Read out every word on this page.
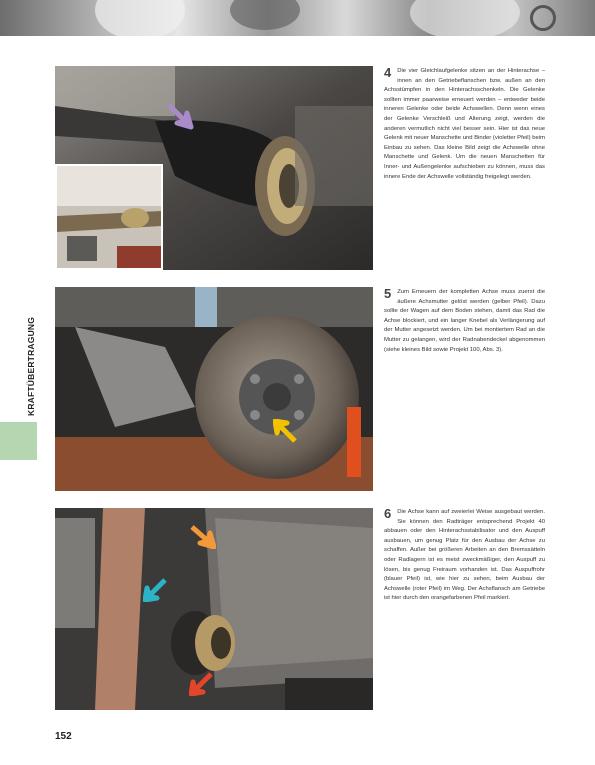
KRAFTÜBERTRAGUNG
4 Die vier Gleichlaufgelenke sitzen an der Hinterachse – innen an den Getriebeflanschen bzw. außen an den Achsstümpfen in den Hinterachsschenkeln. Die Gelenke sollten immer paarweise erneuert werden – entweder beide inneren Gelenke oder beide Achswellen. Denn wenn eines der Gelenke Verschleiß und Alterung zeigt, werden die anderen vermutlich nicht viel besser sein. Hier ist das neue Gelenk mit neuer Manschette und Binder (violetter Pfeil) beim Einbau zu sehen. Das kleine Bild zeigt die Achswelle ohne Manschette und Gelenk. Um die neuen Manschetten für Inner- und Außengelenke aufschieben zu können, muss das innere Ende der Achswelle vollständig freigelegt werden.
5 Zum Erneuern der kompletten Achse muss zuerst die äußere Achsmutter gelöst werden (gelber Pfeil). Dazu sollte der Wagen auf dem Boden stehen, damit das Rad die Achse blockiert, und ein langer Knebel als Verlängerung auf der Mutter angesetzt werden. Um bei montiertem Rad an die Mutter zu gelangen, wird der Radnabendeckel abgenommen (siehe kleines Bild sowie Projekt 100, Abs. 3).
6 Die Achse kann auf zweierlei Weise ausgebaut werden. Sie können den Radträger entsprechend Projekt 40 abbauen oder den Hinterachsstabilisator und den Auspuff ausbauen, um genug Platz für den Ausbau der Achse zu schaffen. Außer bei größeren Arbeiten an den Bremssätteln oder Radlagern ist es meist zweckmäßiger, den Auspuff zu lösen, bis genug Freiraum vorhanden ist. Das Auspuffrohr (blauer Pfeil) ist, wie hier zu sehen, beim Ausbau der Achswelle (roter Pfeil) im Weg. Der Achsflansch am Getriebe ist hier durch den orangefarbenen Pfeil markiert.
152
